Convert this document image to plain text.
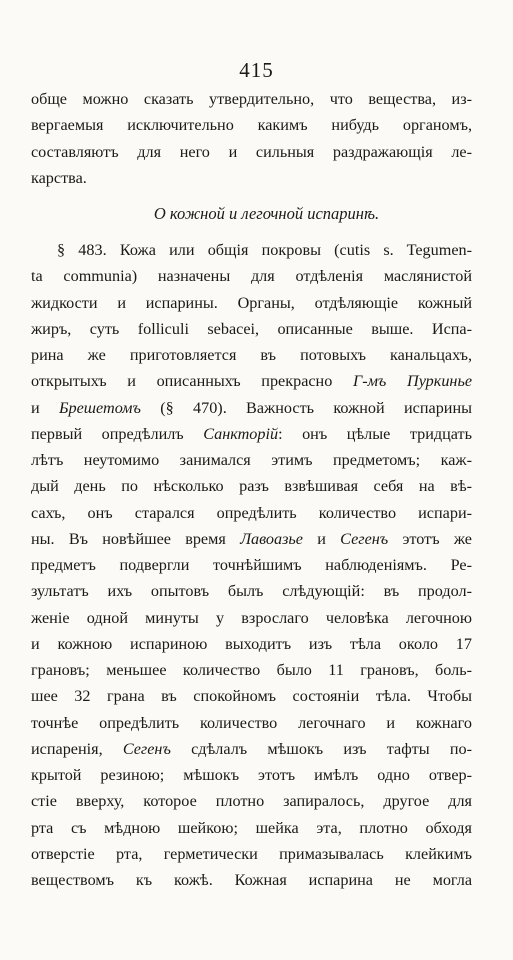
415
обще можно сказать утвердительно, что вещества, из-
вергаемыя исключительно какимъ нибудь органомъ,
составляютъ для него и сильныя раздражающія ле-
карства.
О кожной и легочной испаринѣ.
§ 483. Кожа или общія покровы (cutis s. Tegumen-
ta communia) назначены для отдѣленія маслянистой
жидкости и испарины. Органы, отдѣляющіе кожный
жиръ, суть folliculi sebacei, описанные выше. Испа-
рина же приготовляется въ потовыхъ канальцахъ,
открытыхъ и описанныхъ прекрасно Г-мъ Пуркинье
и Брешетомъ (§ 470). Важность кожной испарины
первый опредѣлилъ Санкторій: онъ цѣлые тридцать
лѣтъ неутомимо занимался этимъ предметомъ; каж-
дый день по нѣсколько разъ взвѣшивая себя на вѣ-
сахъ, онъ старался опредѣлить количество испари-
ны. Въ новѣйшее время Лавоазье и Сегенъ этотъ же
предметъ подвергли точнѣйшимъ наблюденіямъ. Ре-
зультатъ ихъ опытовъ былъ слѣдующій: въ продол-
женіе одной минуты у взрослаго человѣка легочною
и кожною испариною выходитъ изъ тѣла около 17
грановъ; меньшее количество было 11 грановъ, боль-
шее 32 грана въ спокойномъ состояніи тѣла. Чтобы
точнѣе опредѣлить количество легочнаго и кожнаго
испаренія, Сегенъ сдѣлалъ мѣшокъ изъ тафты по-
крытой резиною; мѣшокъ этотъ имѣлъ одно отвер-
стіе вверху, которое плотно запиралось, другое для
рта съ мѣдною шейкою; шейка эта, плотно обходя
отверстіе рта, герметически примазывалась клейкимъ
веществомъ къ кожѣ. Кожная испарина не могла
